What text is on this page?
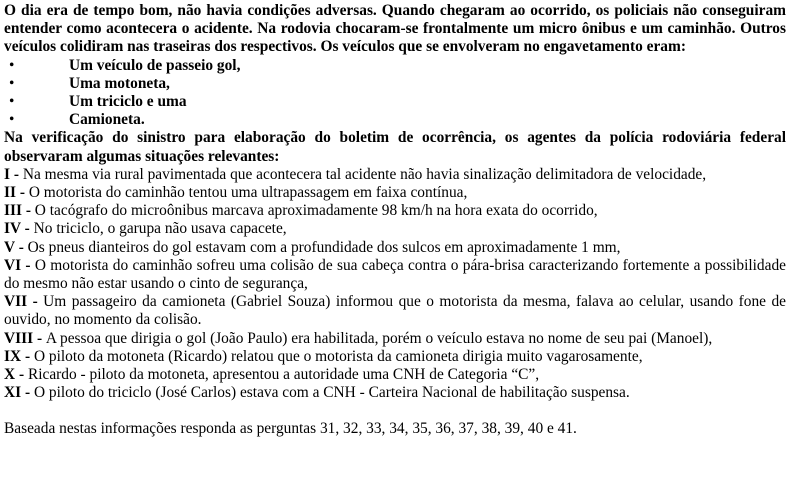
O dia era de tempo bom, não havia condições adversas. Quando chegaram ao ocorrido, os policiais não conseguiram entender como acontecera o acidente. Na rodovia chocaram-se frontalmente um micro ônibus e um caminhão. Outros veículos colidiram nas traseiras dos respectivos. Os veículos que se envolveram no engavetamento eram:

•	Um veículo de passeio gol,
•	Uma motoneta,
•	Um triciclo e uma
•	Camioneta.

Na verificação do sinistro para elaboração do boletim de ocorrência, os agentes da polícia rodoviária federal observaram algumas situações relevantes:

I - Na mesma via rural pavimentada que acontecera tal acidente não havia sinalização delimitadora de velocidade,

II - O motorista do caminhão tentou uma ultrapassagem em faixa contínua,

III - O tacógrafo do microônibus marcava aproximadamente 98 km/h na hora exata do ocorrido,

IV - No triciclo, o garupa não usava capacete,

V - Os pneus dianteiros do gol estavam com a profundidade dos sulcos em aproximadamente 1 mm,

VI - O motorista do caminhão sofreu uma colisão de sua cabeça contra o pára-brisa caracterizando fortemente a possibilidade do mesmo não estar usando o cinto de segurança,

VII - Um passageiro da camioneta (Gabriel Souza) informou que o motorista da mesma, falava ao celular, usando fone de ouvido, no momento da colisão.

VIII - A pessoa que dirigia o gol (João Paulo) era habilitada, porém o veículo estava no nome de seu pai (Manoel),

IX - O piloto da motoneta (Ricardo) relatou que o motorista da camioneta dirigia muito vagarosamente,

X - Ricardo - piloto da motoneta, apresentou a autoridade uma CNH de Categoria “C”,

XI - O piloto do triciclo (José Carlos) estava com a CNH - Carteira Nacional de habilitação suspensa.

Baseada nestas informações responda as perguntas 31, 32, 33, 34, 35, 36, 37, 38, 39, 40 e 41.
